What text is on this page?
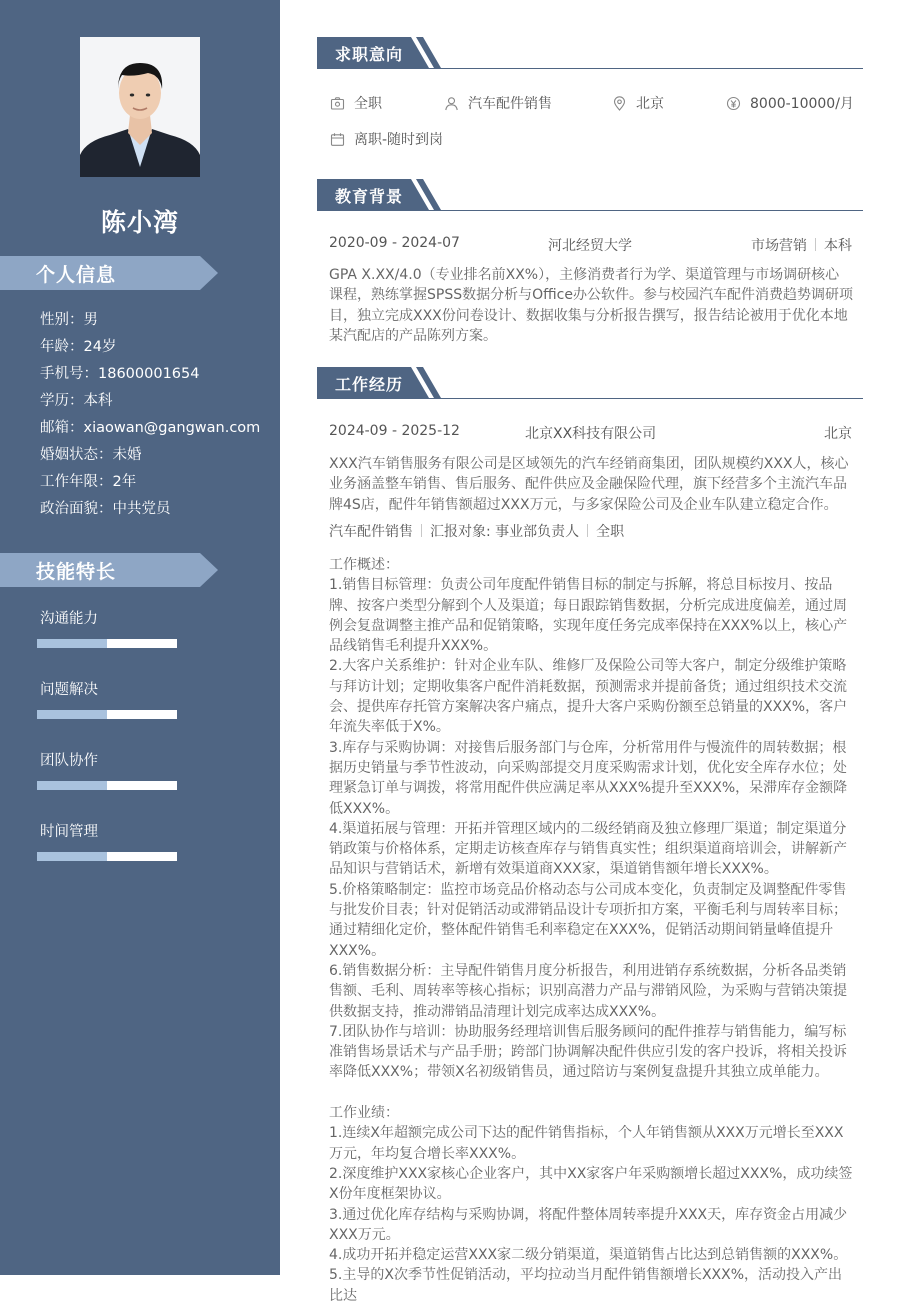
陈小湾
个人信息
性别：男
年龄：24岁
手机号：18600001654
学历：本科
邮箱：xiaowan@gangwan.com
婚姻状态：未婚
工作年限：2年
政治面貌：中共党员
技能特长
沟通能力
问题解决
团队协作
时间管理
求职意向
全职	汽车配件销售	北京	8000-10000/月
离职-随时到岗
教育背景
2020-09 - 2024-07	河北经贸大学	市场营销 本科

GPA X.XX/4.0（专业排名前XX%），主修消费者行为学、渠道管理与市场调研核心课程，熟练掌握SPSS数据分析与Office办公软件。参与校园汽车配件消费趋势调研项目，独立完成XXX份问卷设计、数据收集与分析报告撰写，报告结论被用于优化本地某汽配店的产品陈列方案。

工作经历
2024-09 - 2025-12	北京XX科技有限公司	北京

XXX汽车销售服务有限公司是区域领先的汽车经销商集团，团队规模约XXX人，核心业务涵盖整车销售、售后服务、配件供应及金融保险代理，旗下经营多个主流汽车品牌4S店，配件年销售额超过XXX万元，与多家保险公司及企业车队建立稳定合作。

汽车配件销售 汇报对象: 事业部负责人 全职

工作概述：

1.销售目标管理：负责公司年度配件销售目标的制定与拆解，将总目标按月、按品牌、按客户类型分解到个人及渠道；每日跟踪销售数据，分析完成进度偏差，通过周例会复盘调整主推产品和促销策略，实现年度任务完成率保持在XXX%以上，核心产品线销售毛利提升XXX%。

2.大客户关系维护：针对企业车队、维修厂及保险公司等大客户，制定分级维护策略与拜访计划；定期收集客户配件消耗数据，预测需求并提前备货；通过组织技术交流会、提供库存托管方案解决客户痛点，提升大客户采购份额至总销量的XXX%，客户年流失率低于X%。

3.库存与采购协调：对接售后服务部门与仓库，分析常用件与慢流件的周转数据；根据历史销量与季节性波动，向采购部提交月度采购需求计划，优化安全库存水位；处理紧急订单与调拨，将常用配件供应满足率从XXX%提升至XXX%，呆滞库存金额降低XXX%。

4.渠道拓展与管理：开拓并管理区域内的二级经销商及独立修理厂渠道；制定渠道分销政策与价格体系，定期走访核查库存与销售真实性；组织渠道商培训会，讲解新产品知识与营销话术，新增有效渠道商XXX家，渠道销售额年增长XXX%。

5.价格策略制定：监控市场竞品价格动态与公司成本变化，负责制定及调整配件零售与批发价目表；针对促销活动或滞销品设计专项折扣方案，平衡毛利与周转率目标；通过精细化定价，整体配件销售毛利率稳定在XXX%，促销活动期间销量峰值提升XXX%。

6.销售数据分析：主导配件销售月度分析报告，利用进销存系统数据，分析各品类销售额、毛利、周转率等核心指标；识别高潜力产品与滞销风险，为采购与营销决策提供数据支持，推动滞销品清理计划完成率达成XXX%。

7.团队协作与培训：协助服务经理培训售后服务顾问的配件推荐与销售能力，编写标准销售场景话术与产品手册；跨部门协调解决配件供应引发的客户投诉，将相关投诉率降低XXX%；带领X名初级销售员，通过陪访与案例复盘提升其独立成单能力。

工作业绩：

1.连续X年超额完成公司下达的配件销售指标，个人年销售额从XXX万元增长至XXX万元，年均复合增长率XXX%。

2.深度维护XXX家核心企业客户，其中XX家客户年采购额增长超过XXX%，成功续签X份年度框架协议。

3.通过优化库存结构与采购协调，将配件整体周转率提升XXX天，库存资金占用减少XXX万元。

4.成功开拓并稳定运营XXX家二级分销渠道，渠道销售占比达到总销售额的XXX%。

5.主导的X次季节性促销活动，平均拉动当月配件销售额增长XXX%，活动投入产出比达
